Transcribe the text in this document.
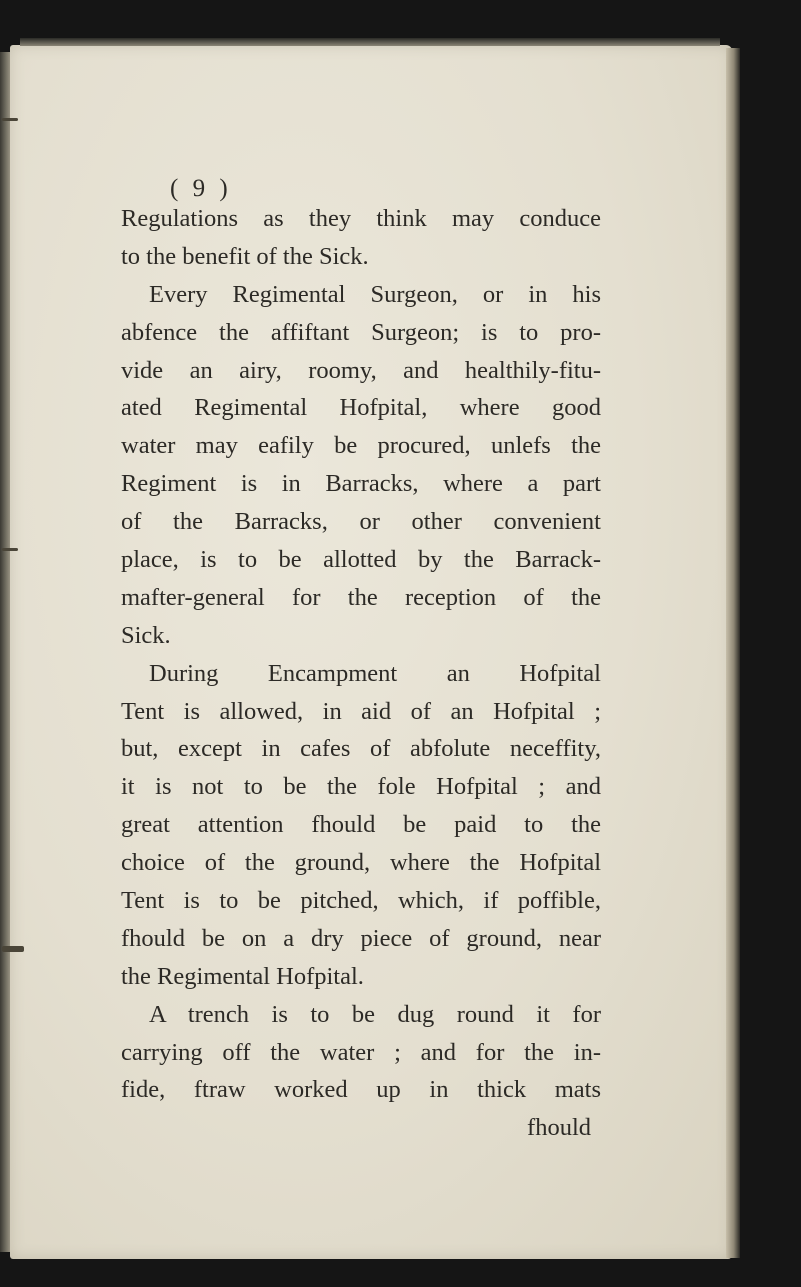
( 9 )
Regulations as they think may conduce
to the benefit of the Sick.
Every Regimental Surgeon, or in his
abfence the affiftant Surgeon; is to pro-
vide an airy, roomy, and healthily-fitu-
ated Regimental Hofpital, where good
water may eafily be procured, unlefs the
Regiment is in Barracks, where a part
of the Barracks, or other convenient
place, is to be allotted by the Barrack-
mafter-general for the reception of the
Sick.
During Encampment an Hofpital
Tent is allowed, in aid of an Hofpital ;
but, except in cafes of abfolute neceffity,
it is not to be the fole Hofpital ; and
great attention fhould be paid to the
choice of the ground, where the Hofpital
Tent is to be pitched, which, if poffible,
fhould be on a dry piece of ground, near
the Regimental Hofpital.
A trench is to be dug round it for
carrying off the water ; and for the in-
fide, ftraw worked up in thick mats
fhould
